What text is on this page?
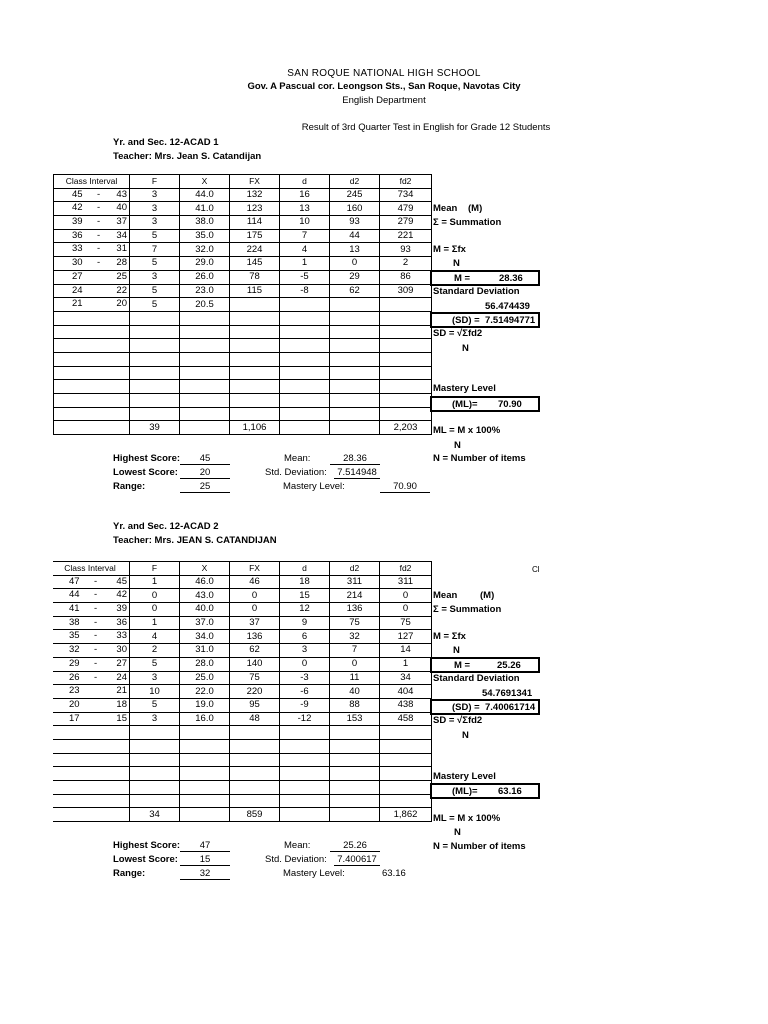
SAN ROQUE NATIONAL HIGH SCHOOL
Gov. A Pascual cor. Leongson Sts., San Roque, Navotas City
English Department
Result of 3rd Quarter Test in English for Grade 12 Students
Yr. and Sec. 12-ACAD 1
Teacher: Mrs. Jean S. Catandijan
Class Interval	F	X	FX	d	d2	fd2

45 - 43	3	44.0	132	16	245	734

42 - 40	3	41.0	123	13	160	479

39 - 37	3	38.0	114	10	93	279

36 - 34	5	35.0	175	7	44	221

33 - 31	7	32.0	224	4	13	93

30 - 28	5	29.0	145	1	0	2

27 25	3	26.0	78	-5	29	86

24 22	5	23.0	115	-8	62	309

21 20	5	20.5				

	39		1,106			2,203
Mean (M)
Σ = Summation
M = Σfx
N
M =	28.36
Standard Deviation
56.474439
(SD) = 7.51494771
SD = √Σfd2
N
Mastery Level
(ML)= 70.90
ML = M x 100%
N
N = Number of items
Highest Score:	45
Lowest Score:	20
Range:	25
Mean:	28.36
Std. Deviation:	7.514948
Mastery Level:	70.90
Yr. and Sec. 12-ACAD 2
Teacher: Mrs. JEAN S. CATANDIJAN
Class Interval	F	X	FX	d	d2	fd2

47 - 45	1	46.0	46	18	311	311

44 - 42	0	43.0	0	15	214	0

41 - 39	0	40.0	0	12	136	0

38 - 36	1	37.0	37	9	75	75

35 - 33	4	34.0	136	6	32	127

32 - 30	2	31.0	62	3	7	14

29 - 27	5	28.0	140	0	0	1

26 - 24	3	25.0	75	-3	11	34

23 21	10	22.0	220	-6	40	404

20 18	5	19.0	95	-9	88	438

17 15	3	16.0	48	-12	153	458

	34		859			1,862
Cl
Mean (M)
Σ = Summation
M = Σfx
N
M =	25.26
Standard Deviation
54.7691341
(SD) = 7.40061714
SD = √Σfd2
N
Mastery Level
(ML)= 63.16
ML = M x 100%
N
N = Number of items
Highest Score:	47
Lowest Score:	15
Range:	32
Mean:	25.26
Std. Deviation:	7.400617
Mastery Level:	63.16
